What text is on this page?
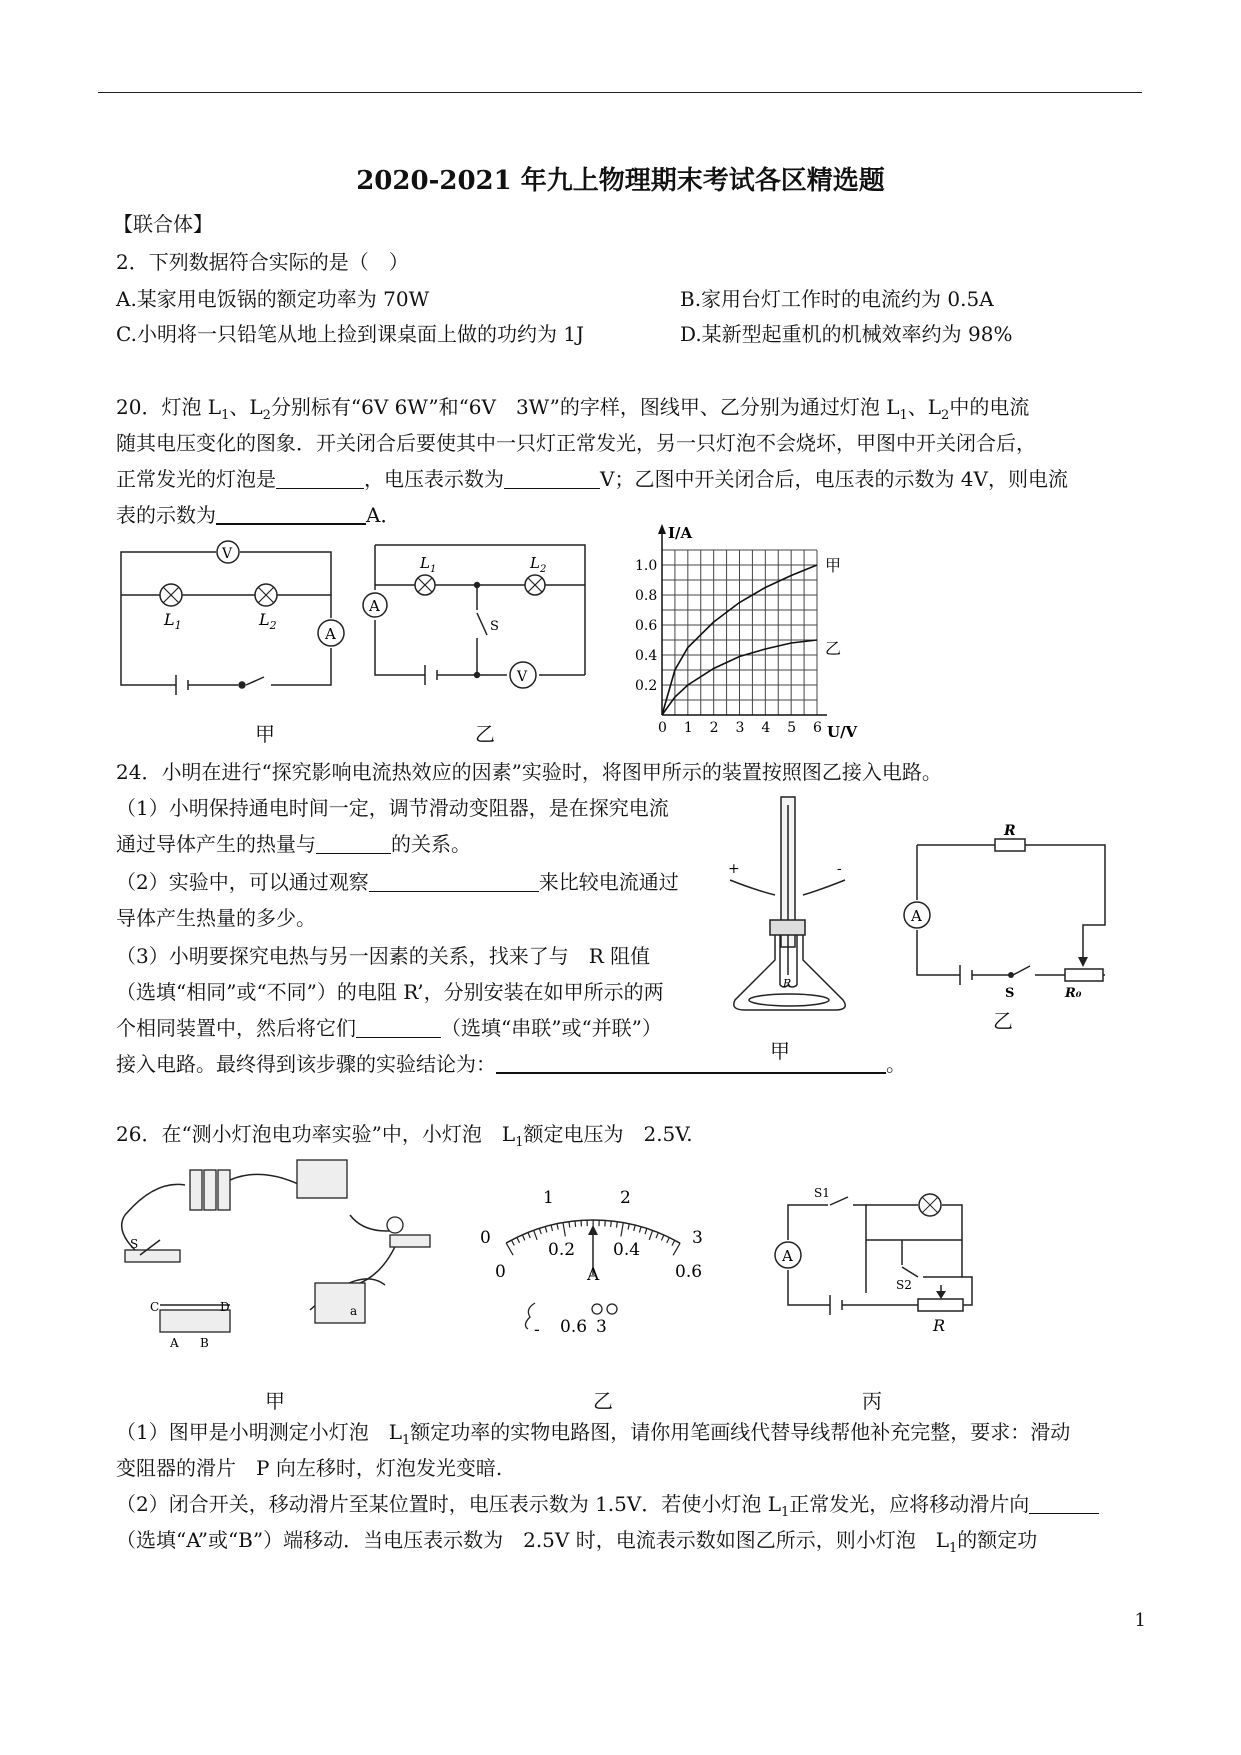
2020-2021 年九上物理期末考试各区精选题
【联合体】
2．下列数据符合实际的是（　）
A.某家用电饭锅的额定功率为 70W	B.家用台灯工作时的电流约为 0.5A
C.小明将一只铅笔从地上捡到课桌面上做的功约为 1J	D.某新型起重机的机械效率约为 98%
20．灯泡 $L_1$、$L_2$分别标有“6V 6W”和“6V　3W”的字样，图线甲、乙分别为通过灯泡 $L_1$、$L_2$中的电流
随其电压变化的图象．开关闭合后要使其中一只灯正常发光，另一只灯泡不会烧坏，甲图中开关闭合后，
正常发光的灯泡是	，电压表示数为	V；乙图中开关闭合后，电压表的示数为 4V，则电流
表的示数为	A．
V
A
$L_1$	$L_2$
甲
A
V
S
$L_1$	$L_2$
乙	0 1 2 3 4 5 6
0.2
0.4
0.6
0.8
1.0
I/A
U/V
甲
乙
24．小明在进行“探究影响电流热效应的因素”实验时，将图甲所示的装置按照图乙接入电路。
（1）小明保持通电时间一定，调节滑动变阻器，是在探究电流
通过导体产生的热量与	的关系。
（2）实验中，可以通过观察	来比较电流通过
导体产生热量的多少。
（3）小明要探究电热与另一因素的关系，找来了与　R 阻值
（选填“相同”或“不同”）的电阻 R’，分别安装在如甲所示的两
个相同装置中，然后将它们	（选填“串联”或“并联”）
接入电路。最终得到该步骤的实验结论为：	。
+	-
R
甲
A
R
S	R₀
乙
26．在“测小灯泡电功率实验”中，小灯泡　$L_1$额定电压为　2.5V.
S
C	D
A B
a
甲
0
1	2
3
0
0.2 0.4
0.6
A
- 0.6 3
乙
A
S1
S2
R
丙
（1）图甲是小明测定小灯泡　$L_1$额定功率的实物电路图，请你用笔画线代替导线帮他补充完整，要求：滑动
变阻器的滑片　P 向左移时，灯泡发光变暗.
（2）闭合开关，移动滑片至某位置时，电压表示数为 1.5V．若使小灯泡 $L_1$正常发光，应将移动滑片向
（选填“A”或“B”）端移动．当电压表示数为　2.5V 时，电流表示数如图乙所示，则小灯泡　$L_1$的额定功
1
